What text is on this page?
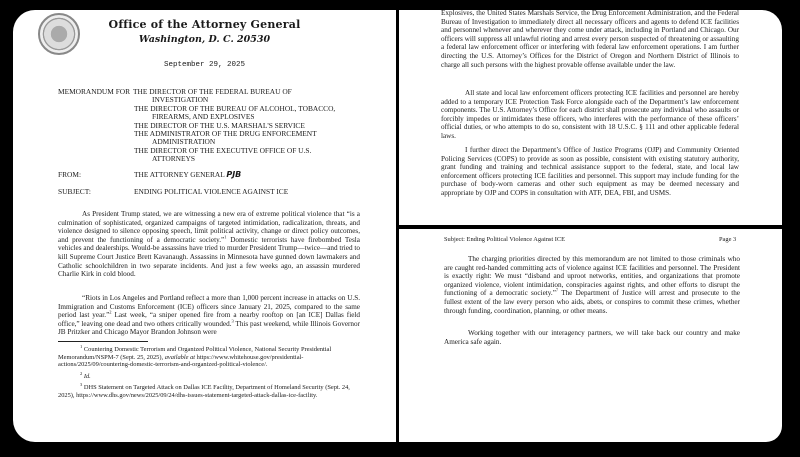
Office of the Attorney General
Washington, D. C. 20530
September 29, 2025
MEMORANDUM FOR THE DIRECTOR OF THE FEDERAL BUREAU OF
INVESTIGATION
THE DIRECTOR OF THE BUREAU OF ALCOHOL, TOBACCO,
FIREARMS, AND EXPLOSIVES
THE DIRECTOR OF THE U.S. MARSHAL'S SERVICE
THE ADMINISTRATOR OF THE DRUG ENFORCEMENT
ADMINISTRATION
THE DIRECTOR OF THE EXECUTIVE OFFICE OF U.S.
ATTORNEYS
FROM:	THE ATTORNEY GENERAL PJB
SUBJECT:	ENDING POLITICAL VIOLENCE AGAINST ICE

As President Trump stated, we are witnessing a new era of extreme political violence that “is a culmination of sophisticated, organized campaigns of targeted intimidation, radicalization, threats, and violence designed to silence opposing speech, limit political activity, change or direct policy outcomes, and prevent the functioning of a democratic society.”$^1$ Domestic terrorists have firebombed Tesla vehicles and dealerships. Would-be assassins have tried to murder President Trump—twice—and tried to kill Supreme Court Justice Brett Kavanaugh. Assassins in Minnesota have gunned down lawmakers and Catholic schoolchildren in two separate incidents. And just a few weeks ago, an assassin murdered Charlie Kirk in cold blood.

“Riots in Los Angeles and Portland reflect a more than 1,000 percent increase in attacks on U.S. Immigration and Customs Enforcement (ICE) officers since January 21, 2025, compared to the same period last year.”$^2$ Last week, “a sniper opened fire from a nearby rooftop on [an ICE] Dallas field office,” leaving one dead and two others critically wounded.$^3$ This past weekend, while Illinois Governor JB Pritzker and Chicago Mayor Brandon Johnson were

$^1$ Countering Domestic Terrorism and Organized Political Violence, National Security Presidential Memorandum/NSPM-7 (Sept. 25, 2025), available at https://www.whitehouse.gov/presidential-actions/2025/09/countering-domestic-terrorism-and-organized-political-violence/.

$^2$ Id.

$^3$ DHS Statement on Targeted Attack on Dallas ICE Facility, Department of Homeland Security (Sept. 24, 2025), https://www.dhs.gov/news/2025/09/24/dhs-issues-statement-targeted-attack-dallas-ice-facility.

Explosives, the United States Marshals Service, the Drug Enforcement Administration, and the Federal Bureau of Investigation to immediately direct all necessary officers and agents to defend ICE facilities and personnel whenever and wherever they come under attack, including in Portland and Chicago. Our officers will suppress all unlawful rioting and arrest every person suspected of threatening or assaulting a federal law enforcement officer or interfering with federal law enforcement operations. I am further directing the U.S. Attorney’s Offices for the District of Oregon and Northern District of Illinois to charge all such persons with the highest provable offense available under the law.

All state and local law enforcement officers protecting ICE facilities and personnel are hereby added to a temporary ICE Protection Task Force alongside each of the Department’s law enforcement components. The U.S. Attorney’s Office for each district shall prosecute any individual who assaults or forcibly impedes or intimidates these officers, who interferes with the performance of these officers’ official duties, or who attempts to do so, consistent with 18 U.S.C. § 111 and other applicable federal laws.

I further direct the Department’s Office of Justice Programs (OJP) and Community Oriented Policing Services (COPS) to provide as soon as possible, consistent with existing statutory authority, grant funding and training and technical assistance support to the federal, state, and local law enforcement officers protecting ICE facilities and personnel. This support may include funding for the purchase of body-worn cameras and other such equipment as may be deemed necessary and appropriate by OJP and COPS in consultation with ATF, DEA, FBI, and USMS.

Subject: Ending Political Violence Against ICE	Page 3

The charging priorities directed by this memorandum are not limited to those criminals who are caught red-handed committing acts of violence against ICE facilities and personnel. The President is exactly right: We must “disband and uproot networks, entities, and organizations that promote organized violence, violent intimidation, conspiracies against rights, and other efforts to disrupt the functioning of a democratic society.”$^7$ The Department of Justice will arrest and prosecute to the fullest extent of the law every person who aids, abets, or conspires to commit these crimes, whether through funding, coordination, planning, or other means.

Working together with our interagency partners, we will take back our country and make America safe again.
